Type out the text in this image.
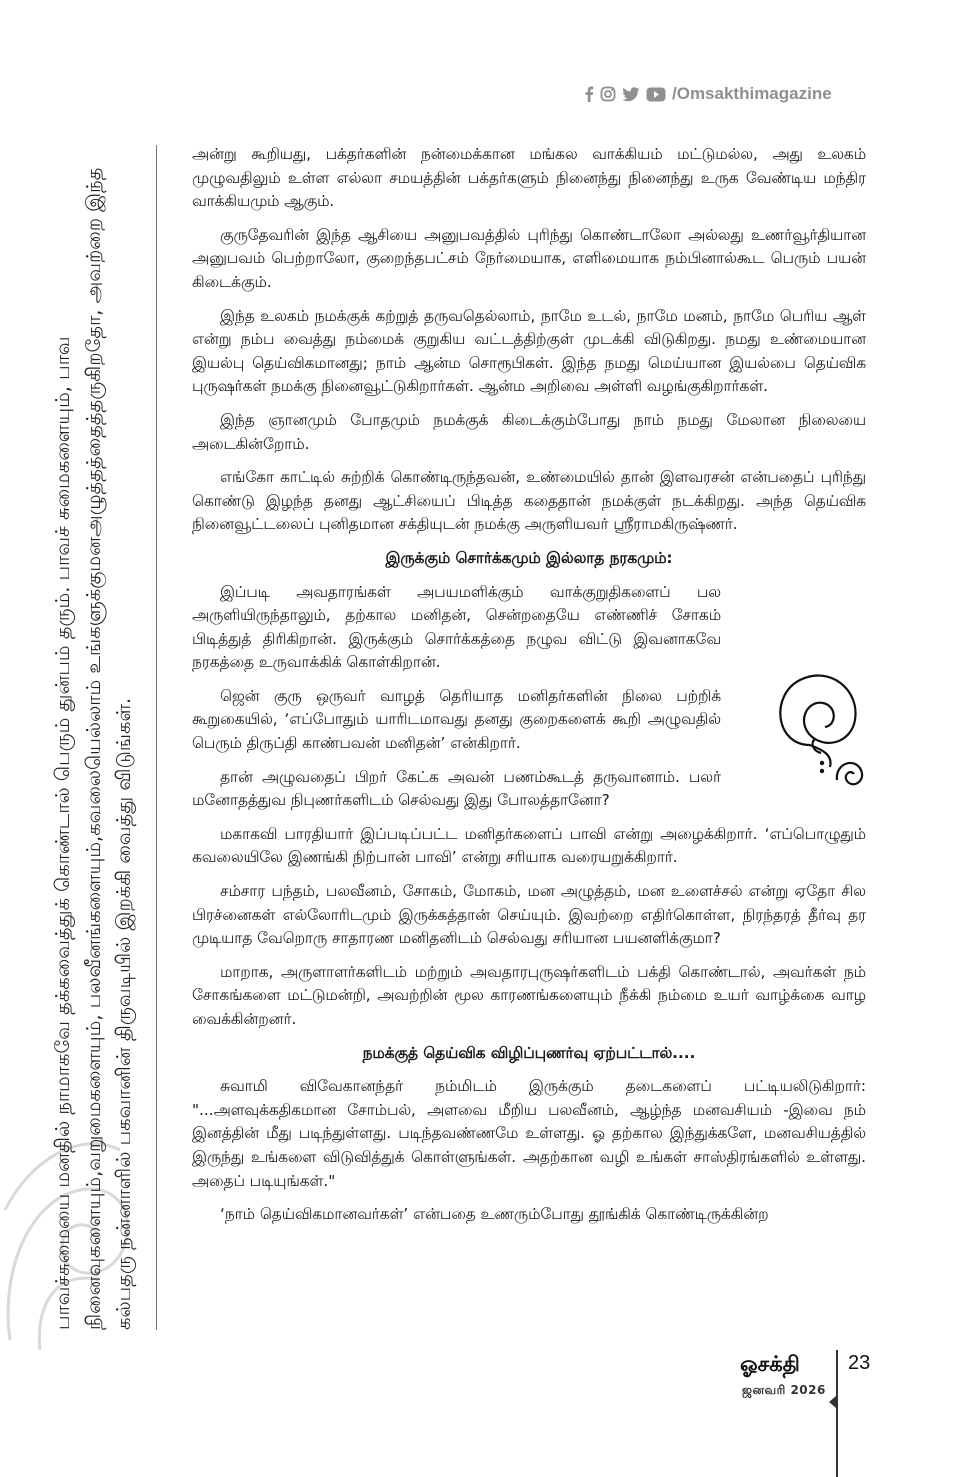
/Omsakthimagazine
பாவச்சுமையை மனதில் நாமாகவே தக்கவைத்துக் கொண்டால் பெரும் துன்பம் தரும். பாவச் சுமைகளையும், பாவ நினைவுகளையும்,வறுமைகளையும், பலவீனங்களையும்,கவலையெல்லாம் உங்களுக்குமனஅழுத்தத்தைத்தருகிறதோ, அவற்றை இந்த கல்பதரு நன்னாளில் பகவானின் திருவடியில் இறக்கி வைத்து விடுங்கள்.

அன்று கூறியது, பக்தர்களின் நன்மைக்கான மங்கல வாக்கியம் மட்டுமல்ல, அது உலகம் முழுவதிலும் உள்ள எல்லா சமயத்தின் பக்தர்களும் நினைந்து நினைந்து உருக வேண்டிய மந்திர வாக்கியமும் ஆகும்.

குருதேவரின் இந்த ஆசியை அனுபவத்தில் புரிந்து கொண்டாலோ அல்லது உணர்வூர்தியான அனுபவம் பெற்றாலோ, குறைந்தபட்சம் நேர்மையாக, எளிமையாக நம்பினால்கூட பெரும் பயன் கிடைக்கும்.

இந்த உலகம் நமக்குக் கற்றுத் தருவதெல்லாம், நாமே உடல், நாமே மனம், நாமே பெரிய ஆள் என்று நம்ப வைத்து நம்மைக் குறுகிய வட்டத்திற்குள் முடக்கி விடுகிறது. நமது உண்மையான இயல்பு தெய்விகமானது; நாம் ஆன்ம சொரூபிகள். இந்த நமது மெய்யான இயல்பை தெய்விக புருஷர்கள் நமக்கு நினைவூட்டுகிறார்கள். ஆன்ம அறிவை அள்ளி வழங்குகிறார்கள்.

இந்த ஞானமும் போதமும் நமக்குக் கிடைக்கும்போது நாம் நமது மேலான நிலையை அடைகின்றோம்.

எங்கோ காட்டில் சுற்றிக் கொண்டிருந்தவன், உண்மையில் தான் இளவரசன் என்பதைப் புரிந்து கொண்டு இழந்த தனது ஆட்சியைப் பிடித்த கதைதான் நமக்குள் நடக்கிறது. அந்த தெய்விக நினைவூட்டலைப் புனிதமான சக்தியுடன் நமக்கு அருளியவர் ஸ்ரீராமகிருஷ்ணர்.

இருக்கும் சொர்க்கமும் இல்லாத நரகமும்:

இப்படி அவதாரங்கள் அபயமளிக்கும் வாக்குறுதிகளைப் பல அருளியிருந்தாலும், தற்கால மனிதன், சென்றதையே எண்ணிச் சோகம் பிடித்துத் திரிகிறான். இருக்கும் சொர்க்கத்தை நழுவ விட்டு இவனாகவே நரகத்தை உருவாக்கிக் கொள்கிறான்.

ஜென் குரு ஒருவர் வாழத் தெரியாத மனிதர்களின் நிலை பற்றிக் கூறுகையில், ‘எப்போதும் யாரிடமாவது தனது குறைகளைக் கூறி அழுவதில் பெரும் திருப்தி காண்பவன் மனிதன்’ என்கிறார்.

தான் அழுவதைப் பிறர் கேட்க அவன் பணம்கூடத் தருவானாம். பலர் மனோதத்துவ நிபுணர்களிடம் செல்வது இது போலத்தானோ?

மகாகவி பாரதியார் இப்படிப்பட்ட மனிதர்களைப் பாவி என்று அழைக்கிறார். ‘எப்பொழுதும் கவலையிலே இணங்கி நிற்பான் பாவி’ என்று சரியாக வரையறுக்கிறார்.

சம்சார பந்தம், பலவீனம், சோகம், மோகம், மன அழுத்தம், மன உளைச்சல் என்று ஏதோ சில பிரச்னைகள் எல்லோரிடமும் இருக்கத்தான் செய்யும். இவற்றை எதிர்கொள்ள, நிரந்தரத் தீர்வு தர முடியாத வேறொரு சாதாரண மனிதனிடம் செல்வது சரியான பயனளிக்குமா?

மாறாக, அருளாளர்களிடம் மற்றும் அவதாரபுருஷர்களிடம் பக்தி கொண்டால், அவர்கள் நம் சோகங்களை மட்டுமன்றி, அவற்றின் மூல காரணங்களையும் நீக்கி நம்மை உயர் வாழ்க்கை வாழ வைக்கின்றனர்.

நமக்குத் தெய்விக விழிப்புணர்வு ஏற்பட்டால்....

சுவாமி விவேகானந்தர் நம்மிடம் இருக்கும் தடைகளைப் பட்டியலிடுகிறார்: "...அளவுக்கதிகமான சோம்பல், அளவை மீறிய பலவீனம், ஆழ்ந்த மனவசியம் -இவை நம் இனத்தின் மீது படிந்துள்ளது. படிந்தவண்ணமே உள்ளது. ஓ தற்கால இந்துக்களே, மனவசியத்தில் இருந்து உங்களை விடுவித்துக் கொள்ளுங்கள். அதற்கான வழி உங்கள் சாஸ்திரங்களில் உள்ளது. அதைப் படியுங்கள்."

‘நாம் தெய்விகமானவர்கள்’ என்பதை உணரும்போது தூங்கிக் கொண்டிருக்கின்ற

ஓசக்தி
ஜனவரி 2026
23
